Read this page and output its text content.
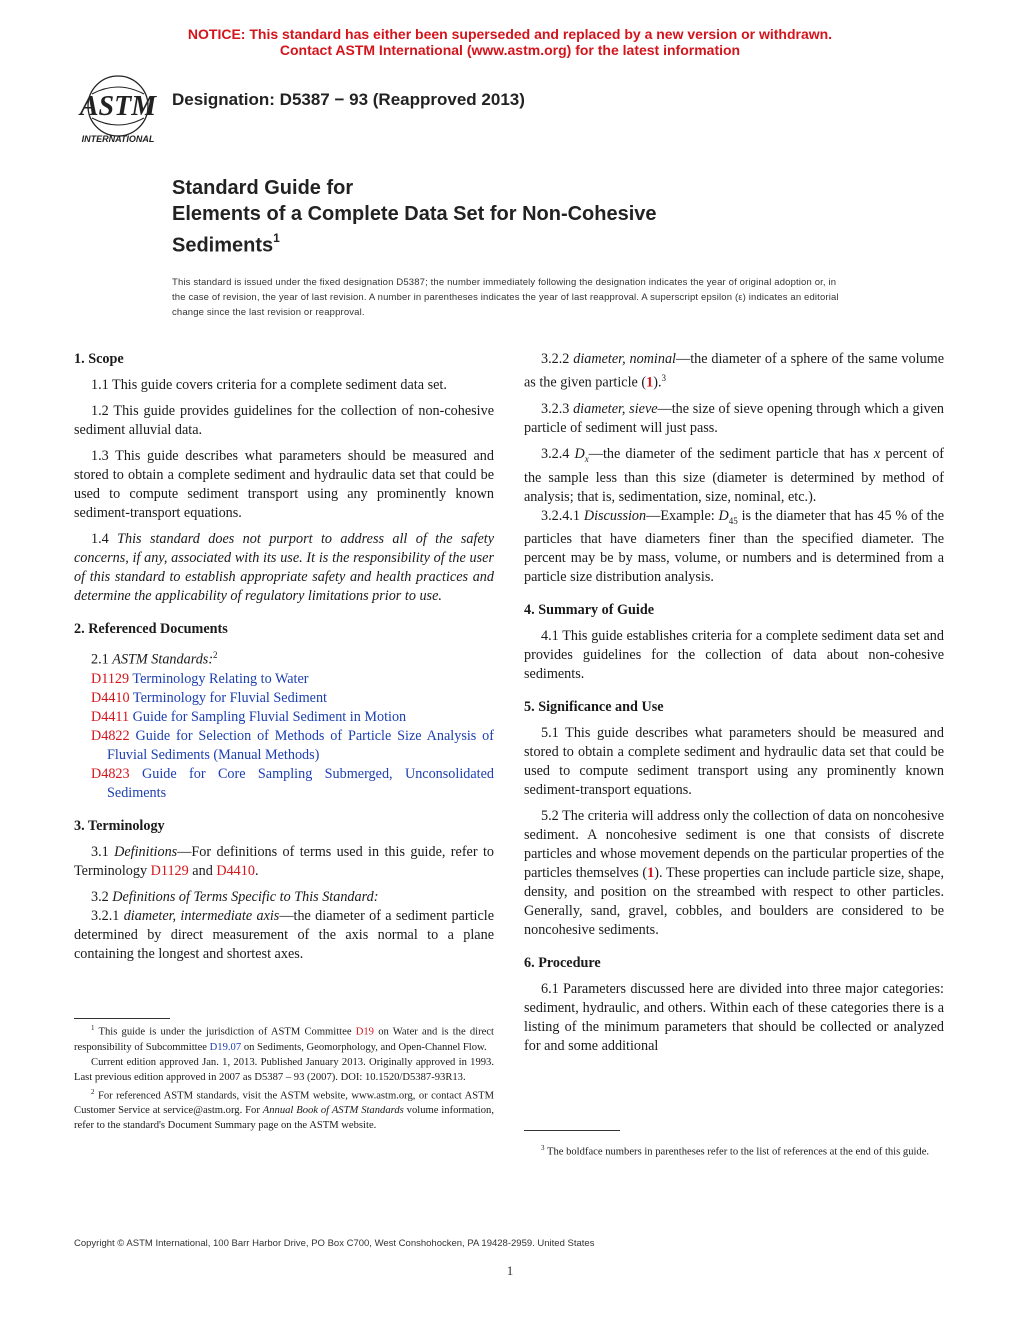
NOTICE: This standard has either been superseded and replaced by a new version or withdrawn.
Contact ASTM International (www.astm.org) for the latest information
ASTM
INTERNATIONAL
Designation: D5387 − 93 (Reapproved 2013)
Standard Guide for
Elements of a Complete Data Set for Non-Cohesive
Sediments$^1$
This standard is issued under the fixed designation D5387; the number immediately following the designation indicates the year of original adoption or, in the case of revision, the year of last revision. A number in parentheses indicates the year of last reapproval. A superscript epsilon (ε) indicates an editorial change since the last revision or reapproval.

1. Scope

1.1 This guide covers criteria for a complete sediment data set.

1.2 This guide provides guidelines for the collection of non-cohesive sediment alluvial data.

1.3 This guide describes what parameters should be measured and stored to obtain a complete sediment and hydraulic data set that could be used to compute sediment transport using any prominently known sediment-transport equations.

1.4 This standard does not purport to address all of the safety concerns, if any, associated with its use. It is the responsibility of the user of this standard to establish appropriate safety and health practices and determine the applicability of regulatory limitations prior to use.

2. Referenced Documents

2.1 ASTM Standards:$^2$

D1129 Terminology Relating to Water
D4410 Terminology for Fluvial Sediment
D4411 Guide for Sampling Fluvial Sediment in Motion
D4822 Guide for Selection of Methods of Particle Size Analysis of Fluvial Sediments (Manual Methods)
D4823 Guide for Core Sampling Submerged, Unconsolidated Sediments

3. Terminology

3.1 Definitions—For definitions of terms used in this guide, refer to Terminology D1129 and D4410.

3.2 Definitions of Terms Specific to This Standard:

3.2.1 diameter, intermediate axis—the diameter of a sediment particle determined by direct measurement of the axis normal to a plane containing the longest and shortest axes.

$^1$ This guide is under the jurisdiction of ASTM Committee D19 on Water and is the direct responsibility of Subcommittee D19.07 on Sediments, Geomorphology, and Open-Channel Flow.

Current edition approved Jan. 1, 2013. Published January 2013. Originally approved in 1993. Last previous edition approved in 2007 as D5387 – 93 (2007). DOI: 10.1520/D5387-93R13.

$^2$ For referenced ASTM standards, visit the ASTM website, www.astm.org, or contact ASTM Customer Service at service@astm.org. For Annual Book of ASTM Standards volume information, refer to the standard's Document Summary page on the ASTM website.

3.2.2 diameter, nominal—the diameter of a sphere of the same volume as the given particle (1).$^3$

3.2.3 diameter, sieve—the size of sieve opening through which a given particle of sediment will just pass.

3.2.4 $D_x—the$ diameter of the sediment particle that has x percent of the sample less than this size (diameter is determined by method of analysis; that is, sedimentation, size, nominal, etc.).

3.2.4.1 Discussion—Example: $D_{45}$ is the diameter that has 45 % of the particles that have diameters finer than the specified diameter. The percent may be by mass, volume, or numbers and is determined from a particle size distribution analysis.

4. Summary of Guide

4.1 This guide establishes criteria for a complete sediment data set and provides guidelines for the collection of data about non-cohesive sediments.

5. Significance and Use

5.1 This guide describes what parameters should be measured and stored to obtain a complete sediment and hydraulic data set that could be used to compute sediment transport using any prominently known sediment-transport equations.

5.2 The criteria will address only the collection of data on noncohesive sediment. A noncohesive sediment is one that consists of discrete particles and whose movement depends on the particular properties of the particles themselves (1). These properties can include particle size, shape, density, and position on the streambed with respect to other particles. Generally, sand, gravel, cobbles, and boulders are considered to be noncohesive sediments.

6. Procedure

6.1 Parameters discussed here are divided into three major categories: sediment, hydraulic, and others. Within each of these categories there is a listing of the minimum parameters that should be collected or analyzed for and some additional

$^3$ The boldface numbers in parentheses refer to the list of references at the end of this guide.

Copyright © ASTM International, 100 Barr Harbor Drive, PO Box C700, West Conshohocken, PA 19428-2959. United States
1
